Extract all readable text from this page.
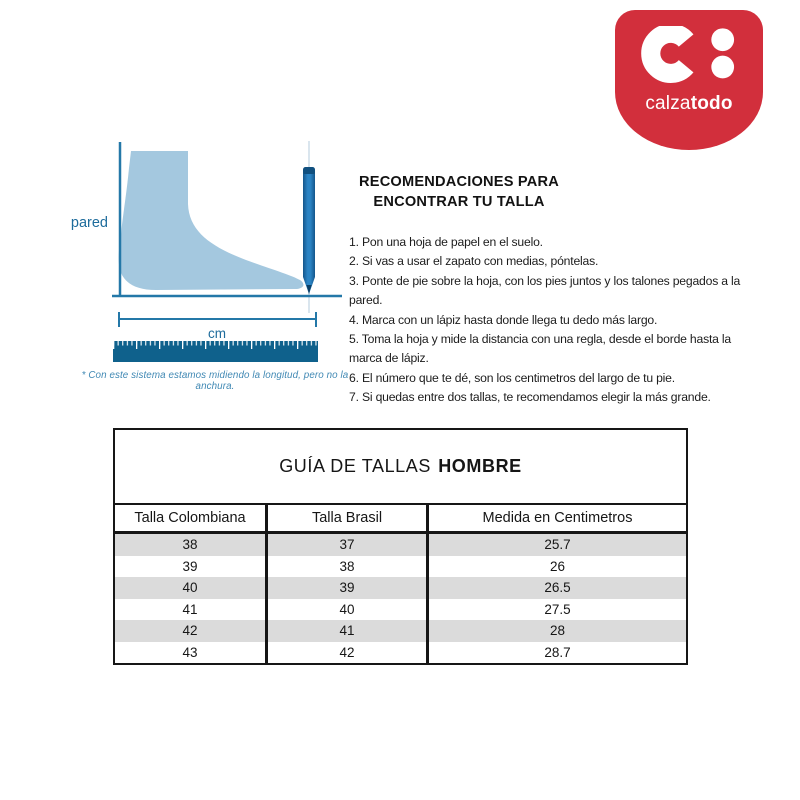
calzatodo
pared
cm
* Con este sistema estamos midiendo la longitud, pero no la anchura.
RECOMENDACIONES PARA
ENCONTRAR TU TALLA
1. Pon una hoja de papel en el suelo.
2. Si vas a usar el zapato con medias, póntelas.
3. Ponte de pie sobre la hoja, con los pies juntos y los talones pegados a la pared.
4. Marca con un lápiz hasta donde llega tu dedo más largo.
5. Toma la hoja y mide la distancia con una regla, desde el borde hasta la marca de lápiz.
6. El número que te dé, son los centimetros del largo de tu pie.
7. Si quedas entre dos tallas, te recomendamos elegir la más grande.
GUÍA DE TALLAS HOMBRE
Talla Colombiana	Talla Brasil	Medida en Centimetros
38	37	25.7
39	38	26
40	39	26.5
41	40	27.5
42	41	28
43	42	28.7
